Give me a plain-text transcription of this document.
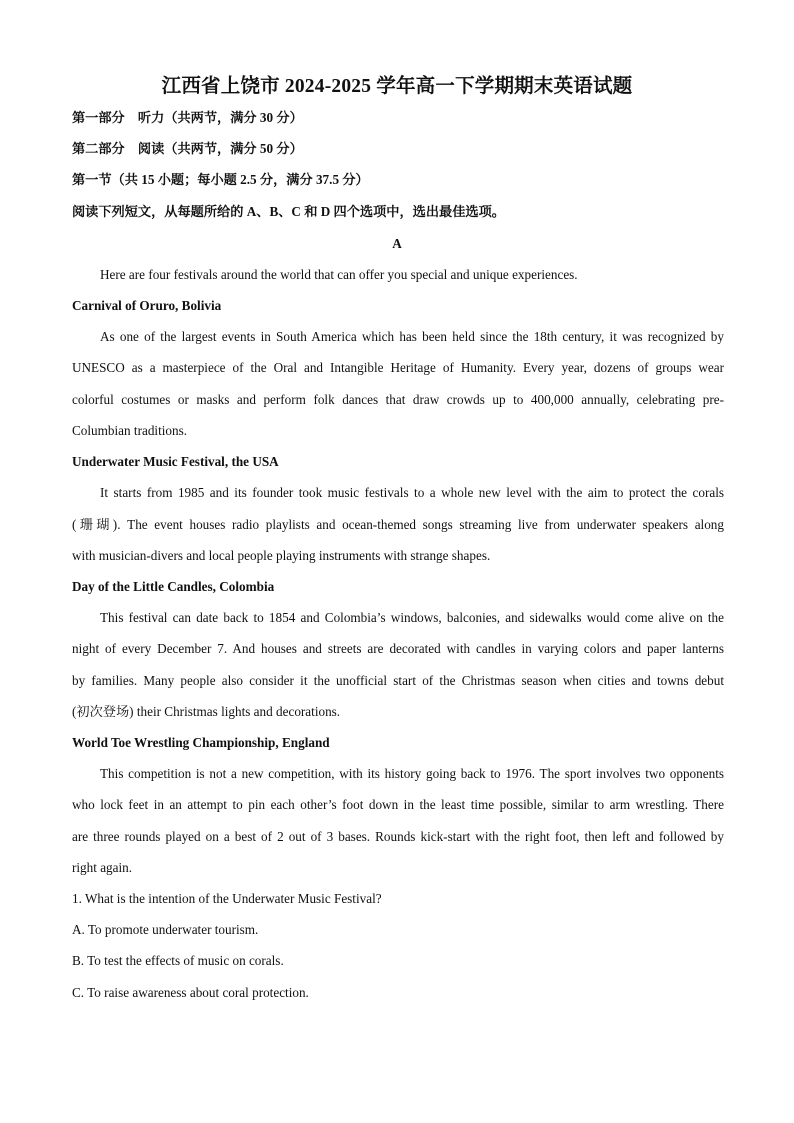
江西省上饶市 2024-2025 学年高一下学期期末英语试题
第一部分　听力（共两节，满分 30 分）
第二部分　阅读（共两节，满分 50 分）
第一节（共 15 小题；每小题 2.5 分，满分 37.5 分）
阅读下列短文，从每题所给的 A、B、C 和 D 四个选项中，选出最佳选项。
A
Here are four festivals around the world that can offer you special and unique experiences.
Carnival of Oruro, Bolivia
As one of the largest events in South America which has been held since the 18th century, it was recognized by
UNESCO as a masterpiece of the Oral and Intangible Heritage of Humanity. Every year, dozens of groups wear
colorful costumes or masks and perform folk dances that draw crowds up to 400,000 annually, celebrating pre-
Columbian traditions.
Underwater Music Festival, the USA
It starts from 1985 and its founder took music festivals to a whole new level with the aim to protect the corals
(珊瑚). The event houses radio playlists and ocean-themed songs streaming live from underwater speakers along
with musician-divers and local people playing instruments with strange shapes.
Day of the Little Candles, Colombia
This festival can date back to 1854 and Colombia’s windows, balconies, and sidewalks would come alive on the
night of every December 7. And houses and streets are decorated with candles in varying colors and paper lanterns
by families. Many people also consider it the unofficial start of the Christmas season when cities and towns debut
(初次登场) their Christmas lights and decorations.
World Toe Wrestling Championship, England
This competition is not a new competition, with its history going back to 1976. The sport involves two opponents
who lock feet in an attempt to pin each other’s foot down in the least time possible, similar to arm wrestling. There
are three rounds played on a best of 2 out of 3 bases. Rounds kick-start with the right foot, then left and followed by
right again.
1. What is the intention of the Underwater Music Festival?
A. To promote underwater tourism.
B. To test the effects of music on corals.
C. To raise awareness about coral protection.
